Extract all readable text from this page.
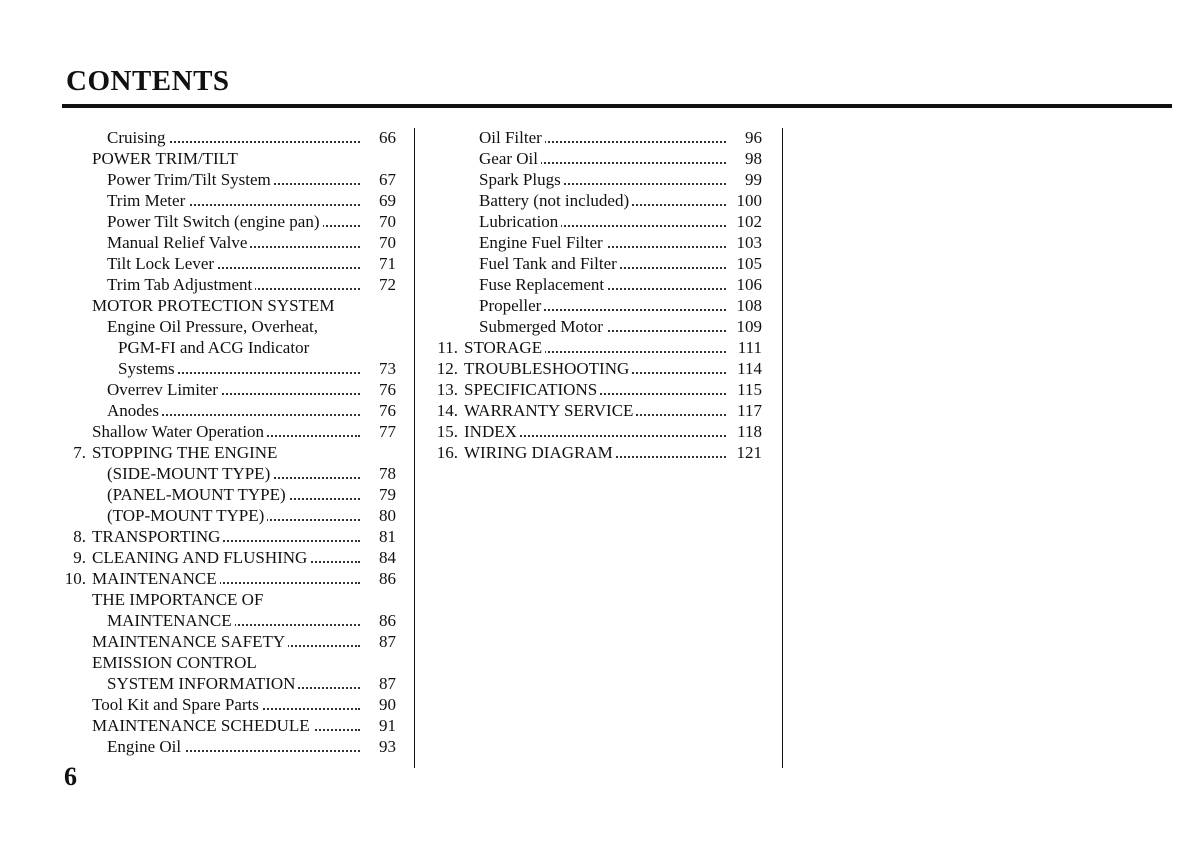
CONTENTS
Cruising	66
POWER TRIM/TILT
Power Trim/Tilt System	67
Trim Meter	69
Power Tilt Switch (engine pan)	70
Manual Relief Valve	70
Tilt Lock Lever	71
Trim Tab Adjustment	72
MOTOR PROTECTION SYSTEM
Engine Oil Pressure, Overheat,
PGM-FI and ACG Indicator
Systems	73
Overrev Limiter	76
Anodes	76
Shallow Water Operation	77
7. STOPPING THE ENGINE
(SIDE-MOUNT TYPE)	78
(PANEL-MOUNT TYPE)	79
(TOP-MOUNT TYPE)	80
8. TRANSPORTING	81
9. CLEANING AND FLUSHING	84
10. MAINTENANCE	86
THE IMPORTANCE OF
MAINTENANCE	86
MAINTENANCE SAFETY	87
EMISSION CONTROL
SYSTEM INFORMATION	87
Tool Kit and Spare Parts	90
MAINTENANCE SCHEDULE	91
Engine Oil	93
Oil Filter	96
Gear Oil	98
Spark Plugs	99
Battery (not included)	100
Lubrication	102
Engine Fuel Filter	103
Fuel Tank and Filter	105
Fuse Replacement	106
Propeller	108
Submerged Motor	109
11. STORAGE	111
12. TROUBLESHOOTING	114
13. SPECIFICATIONS	115
14. WARRANTY SERVICE	117
15. INDEX	118
16. WIRING DIAGRAM	121
6
